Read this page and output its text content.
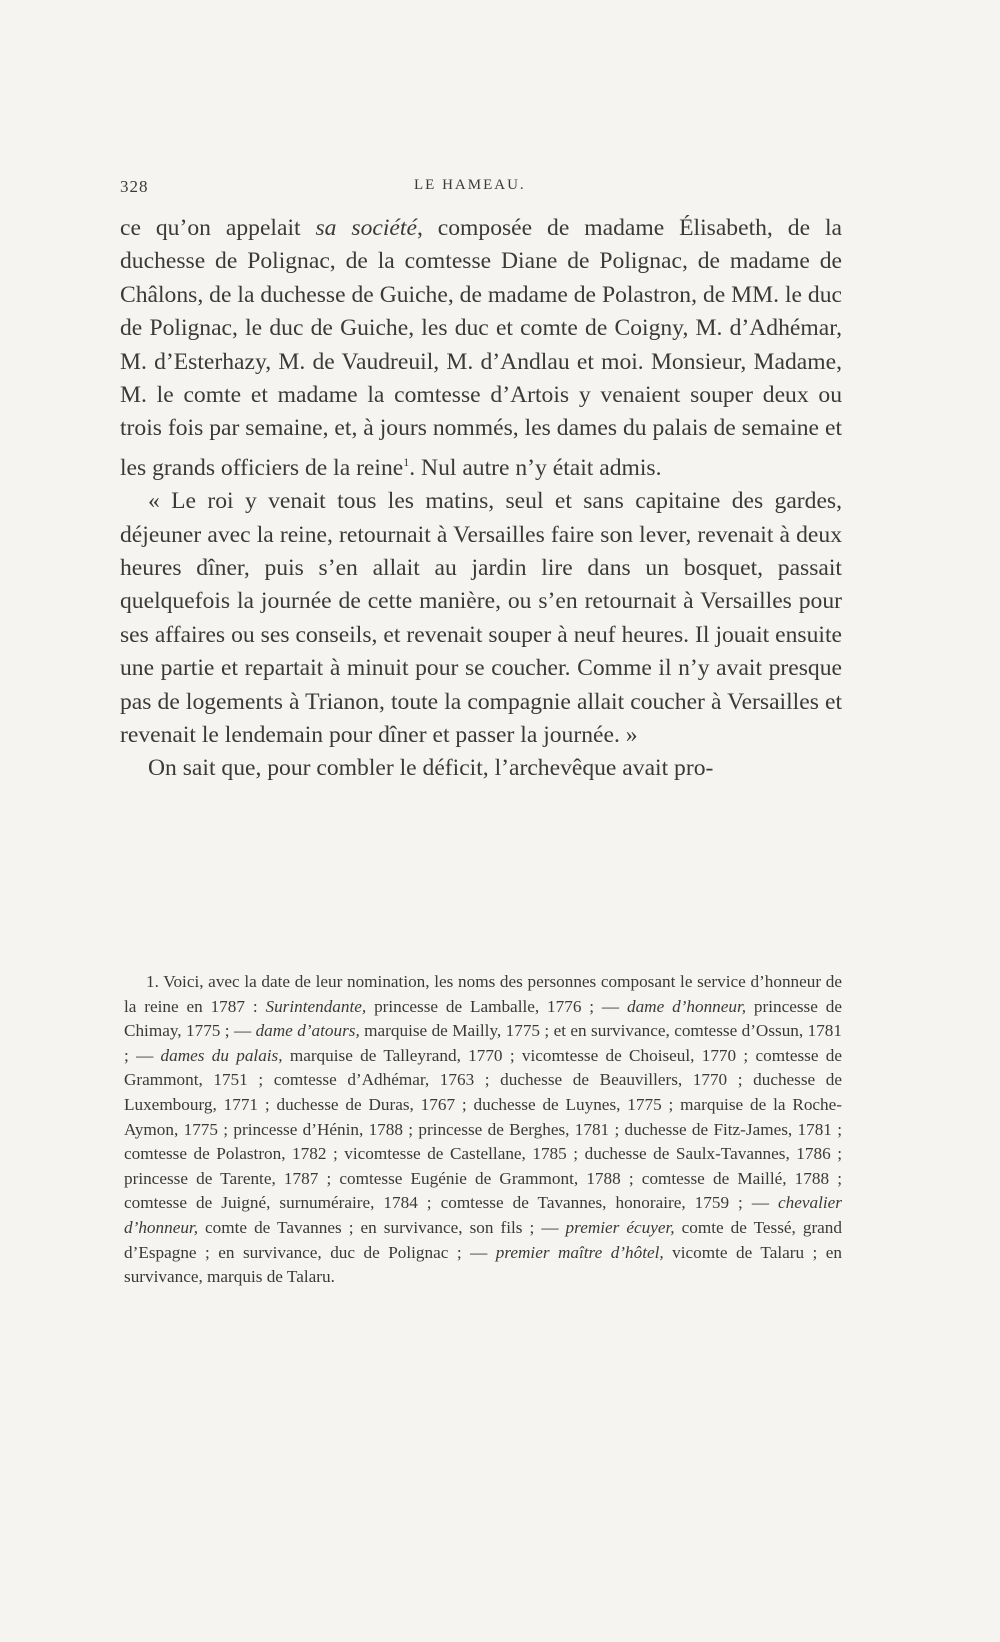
328	LE HAMEAU.

ce qu’on appelait sa société, composée de madame Élisabeth, de la duchesse de Polignac, de la comtesse Diane de Polignac, de madame de Châlons, de la duchesse de Guiche, de madame de Polastron, de MM. le duc de Polignac, le duc de Guiche, les duc et comte de Coigny, M. d’Adhémar, M. d’Esterhazy, M. de Vaudreuil, M. d’Andlau et moi. Monsieur, Madame, M. le comte et madame la comtesse d’Artois y venaient souper deux ou trois fois par semaine, et, à jours nommés, les dames du palais de semaine et les grands officiers de la reine$^1$. Nul autre n’y était admis.

« Le roi y venait tous les matins, seul et sans capitaine des gardes, déjeuner avec la reine, retournait à Versailles faire son lever, revenait à deux heures dîner, puis s’en allait au jardin lire dans un bosquet, passait quelquefois la journée de cette manière, ou s’en retournait à Versailles pour ses affaires ou ses conseils, et revenait souper à neuf heures. Il jouait ensuite une partie et repartait à minuit pour se coucher. Comme il n’y avait presque pas de logements à Trianon, toute la compagnie allait coucher à Versailles et revenait le lendemain pour dîner et passer la journée. »

On sait que, pour combler le déficit, l’archevêque avait pro-

1. Voici, avec la date de leur nomination, les noms des personnes composant le service d’honneur de la reine en 1787 : Surintendante, princesse de Lamballe, 1776 ; — dame d’honneur, princesse de Chimay, 1775 ; — dame d’atours, marquise de Mailly, 1775 ; et en survivance, comtesse d’Ossun, 1781 ; — dames du palais, marquise de Talleyrand, 1770 ; vicomtesse de Choiseul, 1770 ; comtesse de Grammont, 1751 ; comtesse d’Adhémar, 1763 ; duchesse de Beauvillers, 1770 ; duchesse de Luxembourg, 1771 ; duchesse de Duras, 1767 ; duchesse de Luynes, 1775 ; marquise de la Roche-Aymon, 1775 ; princesse d’Hénin, 1788 ; princesse de Berghes, 1781 ; duchesse de Fitz-James, 1781 ; comtesse de Polastron, 1782 ; vicomtesse de Castellane, 1785 ; duchesse de Saulx-Tavannes, 1786 ; princesse de Tarente, 1787 ; comtesse Eugénie de Grammont, 1788 ; comtesse de Maillé, 1788 ; comtesse de Juigné, surnuméraire, 1784 ; comtesse de Tavannes, honoraire, 1759 ; — chevalier d’honneur, comte de Tavannes ; en survivance, son fils ; — premier écuyer, comte de Tessé, grand d’Espagne ; en survivance, duc de Polignac ; — premier maître d’hôtel, vicomte de Talaru ; en survivance, marquis de Talaru.
